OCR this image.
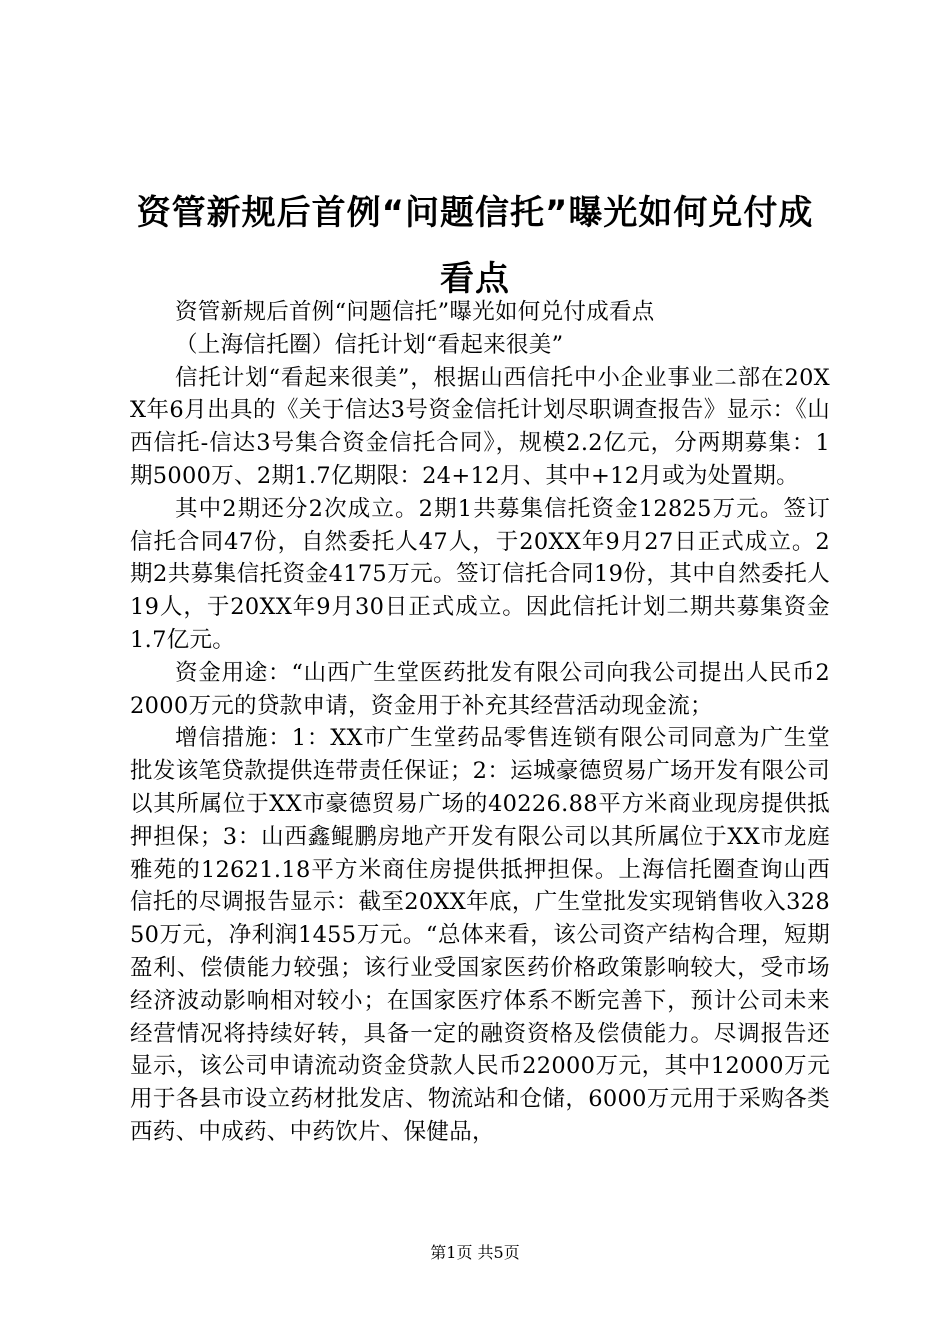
资管新规后首例“问题信托”曝光如何兑付成看点

资管新规后首例“问题信托”曝光如何兑付成看点

（上海信托圈）信托计划“看起来很美”

信托计划“看起来很美”，根据山西信托中小企业事业二部在20XX年6月出具的《关于信达3号资金信托计划尽职调查报告》显示：《山西信托-信达3号集合资金信托合同》，规模2.2亿元，分两期募集：1期5000万、2期1.7亿期限：24+12月、其中+12月或为处置期。

其中2期还分2次成立。2期1共募集信托资金12825万元。签订信托合同47份，自然委托人47人，于20XX年9月27日正式成立。2期2共募集信托资金4175万元。签订信托合同19份，其中自然委托人19人，于20XX年9月30日正式成立。因此信托计划二期共募集资金1.7亿元。

资金用途：“山西广生堂医药批发有限公司向我公司提出人民币22000万元的贷款申请，资金用于补充其经营活动现金流；

增信措施：1：XX市广生堂药品零售连锁有限公司同意为广生堂批发该笔贷款提供连带责任保证；2：运城豪德贸易广场开发有限公司以其所属位于XX市豪德贸易广场的40226.88平方米商业现房提供抵押担保；3：山西鑫鲲鹏房地产开发有限公司以其所属位于XX市龙庭雅苑的12621.18平方米商住房提供抵押担保。上海信托圈查询山西信托的尽调报告显示：截至20XX年底，广生堂批发实现销售收入32850万元，净利润1455万元。“总体来看，该公司资产结构合理，短期盈利、偿债能力较强；该行业受国家医药价格政策影响较大，受市场经济波动影响相对较小；在国家医疗体系不断完善下，预计公司未来经营情况将持续好转，具备一定的融资资格及偿债能力。尽调报告还显示，该公司申请流动资金贷款人民币22000万元，其中12000万元用于各县市设立药材批发店、物流站和仓储，6000万元用于采购各类西药、中成药、中药饮片、保健品，

第1页 共5页
